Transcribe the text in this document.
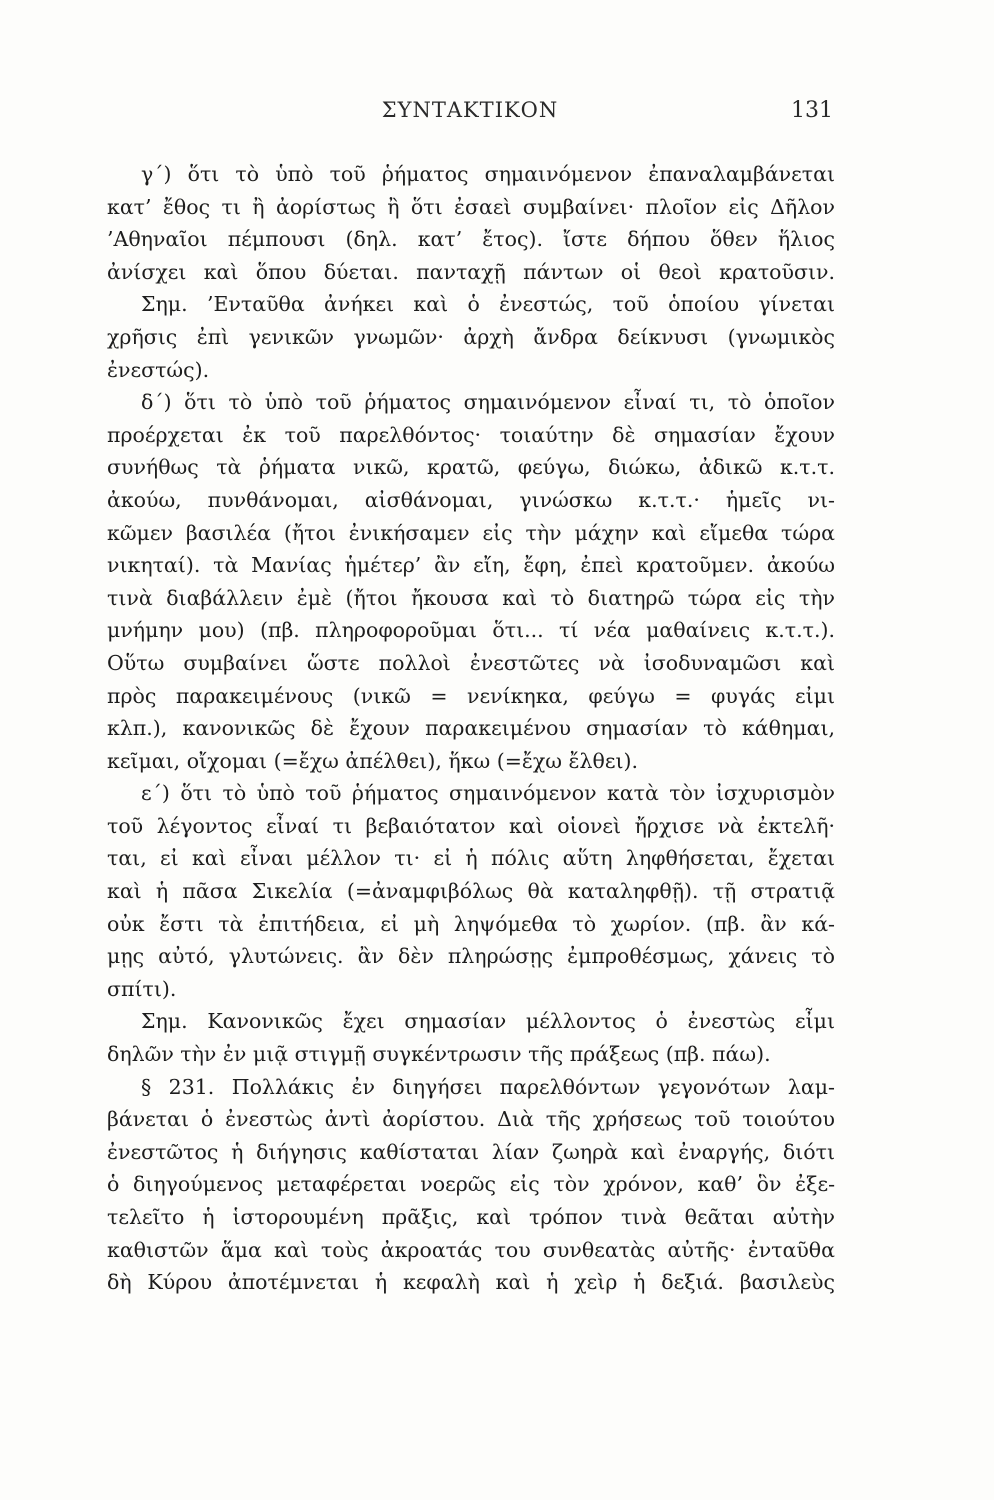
ΣΥΝΤΑΚΤΙΚΟΝ	131
γ΄) ὅτι τὸ ὑπὸ τοῦ ῥήματος σημαινόμενον ἐπαναλαμβάνεται
κατ’ ἔθος τι ἢ ἀορίστως ἢ ὅτι ἐσαεὶ συμβαίνει· πλοῖον εἰς Δῆλον
’Αθηναῖοι πέμπουσι (δηλ. κατ’ ἔτος). ἴστε δήπου ὅθεν ἥλιος
ἀνίσχει καὶ ὅπου δύεται. πανταχῇ πάντων οἱ θεοὶ κρατοῦσιν.
Σημ. ’Ενταῦθα ἀνήκει καὶ ὁ ἐνεστώς, τοῦ ὁποίου γίνεται
χρῆσις ἐπὶ γενικῶν γνωμῶν· ἀρχὴ ἄνδρα δείκνυσι (γνωμικὸς
ἐνεστώς).
δ΄) ὅτι τὸ ὑπὸ τοῦ ῥήματος σημαινόμενον εἶναί τι, τὸ ὁποῖον
προέρχεται ἐκ τοῦ παρελθόντος· τοιαύτην δὲ σημασίαν ἔχουν
συνήθως τὰ ῥήματα νικῶ, κρατῶ, φεύγω, διώκω, ἀδικῶ κ.τ.τ.
ἀκούω, πυνθάνομαι, αἰσθάνομαι, γινώσκω κ.τ.τ.· ἡμεῖς νι-
κῶμεν βασιλέα (ἤτοι ἐνικήσαμεν εἰς τὴν μάχην καὶ εἴμεθα τώρα
νικηταί). τὰ Μανίας ἡμέτερ’ ἂν εἴη, ἔφη, ἐπεὶ κρατοῦμεν. ἀκούω
τινὰ διαβάλλειν ἐμὲ (ἤτοι ἤκουσα καὶ τὸ διατηρῶ τώρα εἰς τὴν
μνήμην μου) (πβ. πληροφοροῦμαι ὅτι... τί νέα μαθαίνεις κ.τ.τ.).
Οὕτω συμβαίνει ὥστε πολλοὶ ἐνεστῶτες νὰ ἰσοδυναμῶσι καὶ
πρὸς παρακειμένους (νικῶ = νενίκηκα, φεύγω = φυγάς εἰμι
κλπ.), κανονικῶς δὲ ἔχουν παρακειμένου σημασίαν τὸ κάθημαι,
κεῖμαι, οἴχομαι (=ἔχω ἀπέλθει), ἥκω (=ἔχω ἔλθει).
ε΄) ὅτι τὸ ὑπὸ τοῦ ῥήματος σημαινόμενον κατὰ τὸν ἰσχυρισμὸν
τοῦ λέγοντος εἶναί τι βεβαιότατον καὶ οἱονεὶ ἤρχισε νὰ ἐκτελῆ·
ται, εἰ καὶ εἶναι μέλλον τι· εἰ ἡ πόλις αὕτη ληφθήσεται, ἔχεται
καὶ ἡ πᾶσα Σικελία (=ἀναμφιβόλως θὰ καταληφθῇ). τῇ στρατιᾷ
οὐκ ἔστι τὰ ἐπιτήδεια, εἰ μὴ ληψόμεθα τὸ χωρίον. (πβ. ἂν κά-
μῃς αὐτό, γλυτώνεις. ἂν δὲν πληρώσῃς ἐμπροθέσμως, χάνεις τὸ
σπίτι).
Σημ. Κανονικῶς ἔχει σημασίαν μέλλοντος ὁ ἐνεστὼς εἶμι
δηλῶν τὴν ἐν μιᾷ στιγμῇ συγκέντρωσιν τῆς πράξεως (πβ. πάω).
§ 231. Πολλάκις ἐν διηγήσει παρελθόντων γεγονότων λαμ-
βάνεται ὁ ἐνεστὼς ἀντὶ ἀορίστου. Διὰ τῆς χρήσεως τοῦ τοιούτου
ἐνεστῶτος ἡ διήγησις καθίσταται λίαν ζωηρὰ καὶ ἐναργής, διότι
ὁ διηγούμενος μεταφέρεται νοερῶς εἰς τὸν χρόνον, καθ’ ὃν ἐξε-
τελεῖτο ἡ ἱστορουμένη πρᾶξις, καὶ τρόπον τινὰ θεᾶται αὐτὴν
καθιστῶν ἅμα καὶ τοὺς ἀκροατάς του συνθεατὰς αὐτῆς· ἐνταῦθα
δὴ Κύρου ἀποτέμνεται ἡ κεφαλὴ καὶ ἡ χεὶρ ἡ δεξιά. βασιλεὺς
